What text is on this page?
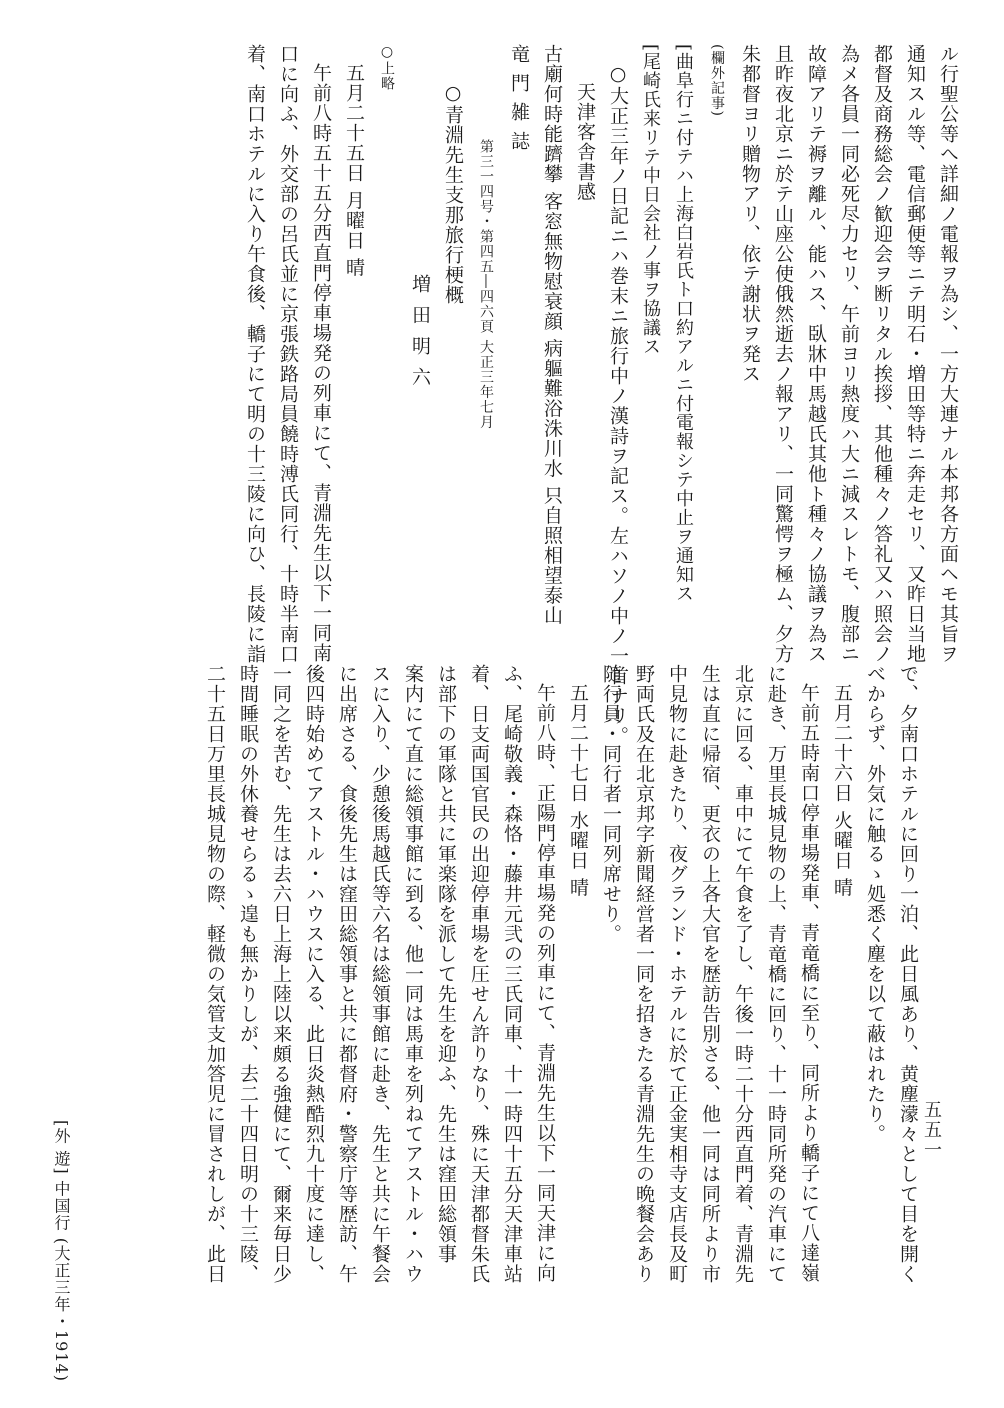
[外 遊] 中国行 (大正三年・1914)	五五一

ル行聖公等へ詳細ノ電報ヲ為シ、一方大連ナル本邦各方面ヘモ其旨ヲ

通知スル等、電信郵便等ニテ明石・増田等特ニ奔走セリ、又昨日当地

都督及商務総会ノ歓迎会ヲ断リタル挨拶、其他種々ノ答礼又ハ照会ノ

為メ各員一同必死尽力セリ、午前ヨリ熱度ハ大ニ減スレトモ、腹部ニ

故障アリテ褥ヲ離ル、能ハス、臥牀中馬越氏其他ト種々ノ協議ヲ為ス

且昨夜北京ニ於テ山座公使俄然逝去ノ報アリ、一同驚愕ヲ極ム、夕方

朱都督ヨリ贈物アリ、依テ謝状ヲ発ス

(欄外記事)

[曲阜行ニ付テハ上海白岩氏ト口約アルニ付電報シテ中止ヲ通知ス

[尾崎氏来リテ中日会社ノ事ヲ協議ス

○大正三年ノ日記ニハ巻末ニ旅行中ノ漢詩ヲ記ス。左ハソノ中ノ一首ナリ。

天津客舎書感

古廟何時能躋攀 客窓無物慰衰顔 病軀難浴洙川水 只自照相望泰山

竜門雑誌

第三一四号・第四五―四六頁 大正三年七月

○青淵先生支那旅行梗概

増田明六

○上略

五月二十五日 月曜日 晴

午前八時五十五分西直門停車場発の列車にて、青淵先生以下一同南

口に向ふ、外交部の呂氏並に京張鉄路局員饒時溥氏同行、十時半南口

着、南口ホテルに入り午食後、轎子にて明の十三陵に向ひ、長陵に詣

で、夕南口ホテルに回り一泊、此日風あり、黄塵濛々として目を開く

べからず、外気に触るゝ処悉く塵を以て蔽はれたり。

五月二十六日 火曜日 晴

午前五時南口停車場発車、青竜橋に至り、同所より轎子にて八達嶺

に赴き、万里長城見物の上、青竜橋に回り、十一時同所発の汽車にて

北京に回る、車中にて午食を了し、午後一時二十分西直門着、青淵先

生は直に帰宿、更衣の上各大官を歴訪告別さる、他一同は同所より市

中見物に赴きたり、夜グランド・ホテルに於て正金実相寺支店長及町

野両氏及在北京邦字新聞経営者一同を招きたる青淵先生の晩餐会あり

随行員・同行者一同列席せり。

五月二十七日 水曜日 晴

午前八時、正陽門停車場発の列車にて、青淵先生以下一同天津に向

ふ、尾崎敬義・森恪・藤井元弐の三氏同車、十一時四十五分天津車站

着、日支両国官民の出迎停車場を圧せん許りなり、殊に天津都督朱氏

は部下の軍隊と共に軍楽隊を派して先生を迎ふ、先生は窪田総領事

案内にて直に総領事館に到る、他一同は馬車を列ねてアストル・ハウ

スに入り、少憩後馬越氏等六名は総領事館に赴き、先生と共に午餐会

に出席さる、食後先生は窪田総領事と共に都督府・警察庁等歴訪、午

後四時始めてアストル・ハウスに入る、此日炎熱酷烈九十度に達し、

一同之を苦む、先生は去六日上海上陸以来頗る強健にて、爾来毎日少

時間睡眠の外休養せらるゝ遑も無かりしが、去二十四日明の十三陵、

二十五日万里長城見物の際、軽微の気管支加答児に冒されしが、此日
